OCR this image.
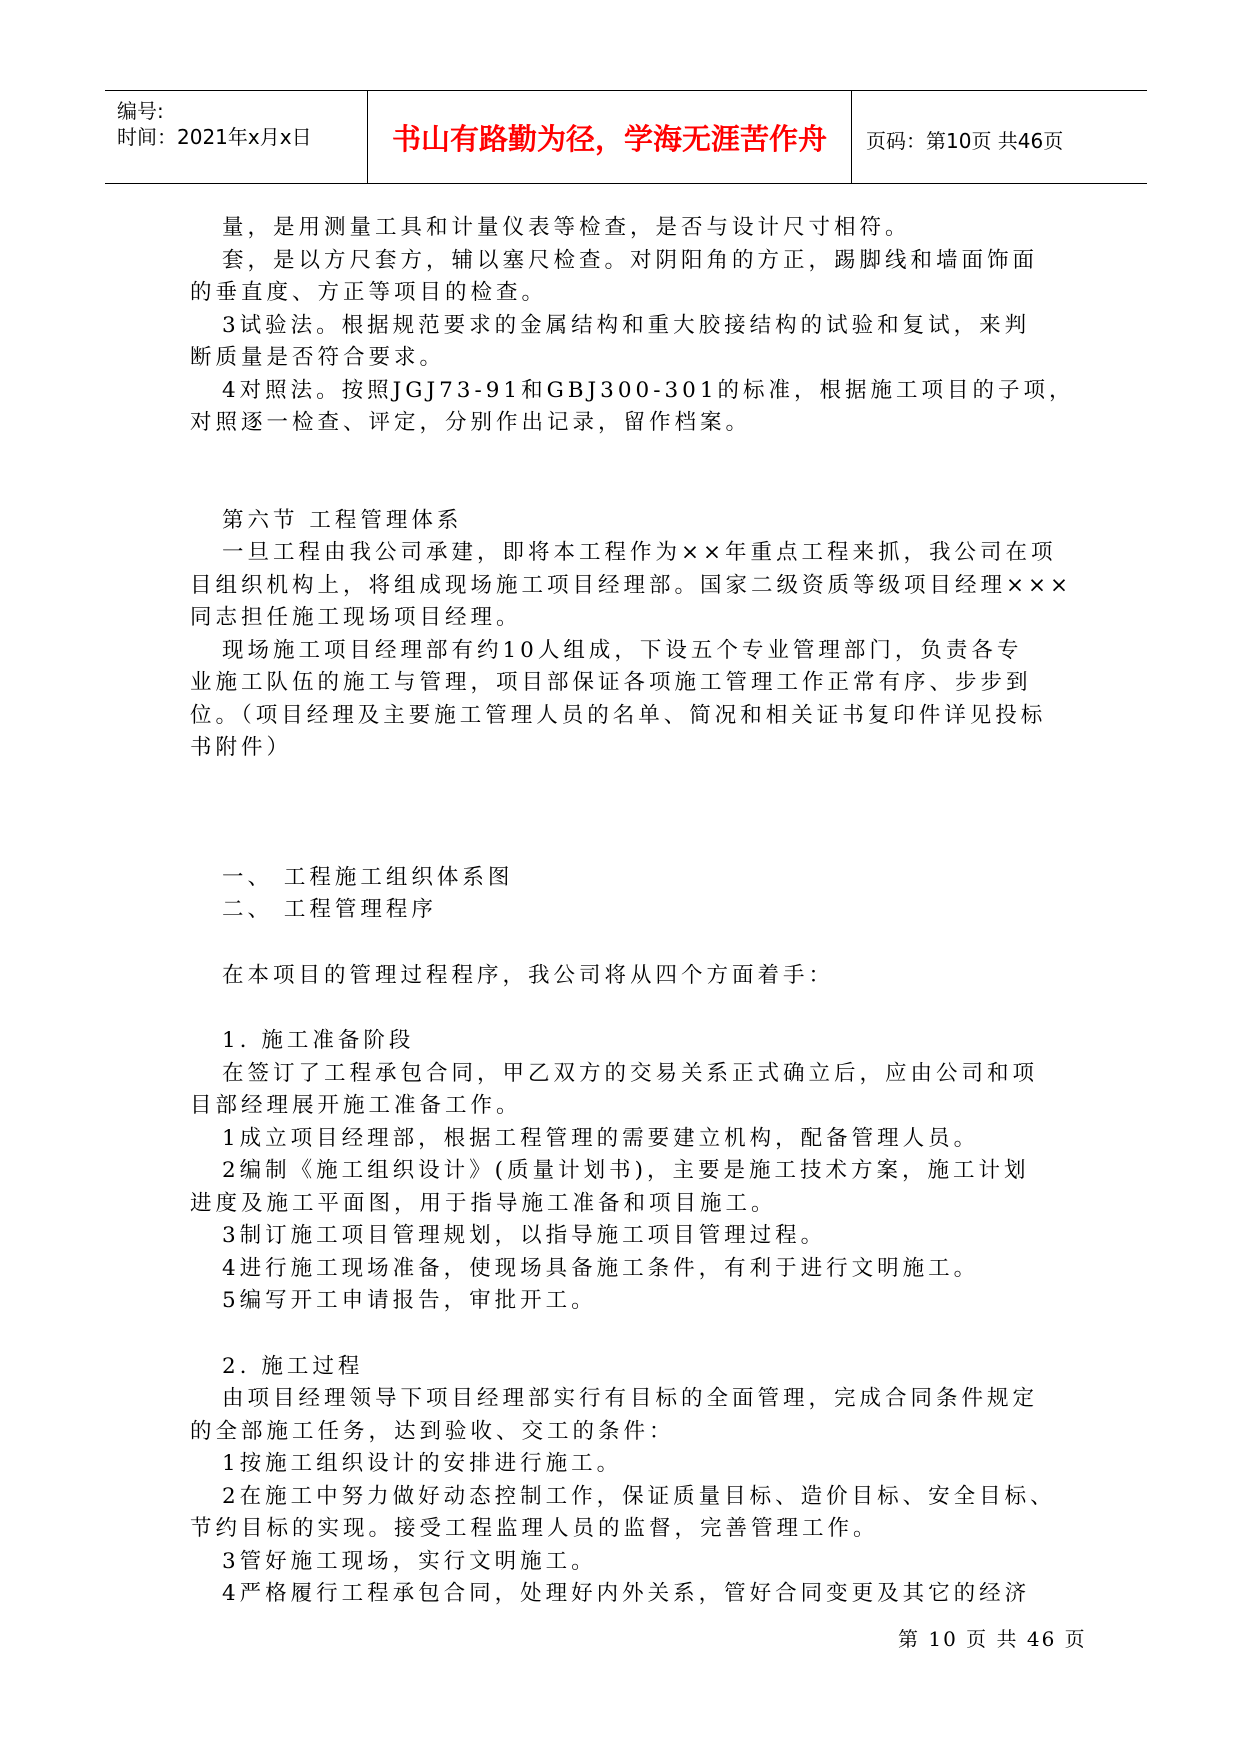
编号:
时间：2021年x月x日	书山有路勤为径，学海无涯苦作舟	页码：第10页 共46页

量，是用测量工具和计量仪表等检查，是否与设计尺寸相符。

套，是以方尺套方，辅以塞尺检查。对阴阳角的方正，踢脚线和墙面饰面

的垂直度、方正等项目的检查。

3试验法。根据规范要求的金属结构和重大胶接结构的试验和复试，来判

断质量是否符合要求。

4对照法。按照JGJ73-91和GBJ300-301的标准，根据施工项目的子项，

对照逐一检查、评定，分别作出记录，留作档案。

第六节 工程管理体系

一旦工程由我公司承建，即将本工程作为××年重点工程来抓，我公司在项

目组织机构上，将组成现场施工项目经理部。国家二级资质等级项目经理×××

同志担任施工现场项目经理。

现场施工项目经理部有约10人组成，下设五个专业管理部门，负责各专

业施工队伍的施工与管理，项目部保证各项施工管理工作正常有序、步步到

位。（项目经理及主要施工管理人员的名单、简况和相关证书复印件详见投标

书附件）

一、 工程施工组织体系图

二、 工程管理程序

在本项目的管理过程程序，我公司将从四个方面着手：

1. 施工准备阶段

在签订了工程承包合同，甲乙双方的交易关系正式确立后，应由公司和项

目部经理展开施工准备工作。

1成立项目经理部，根据工程管理的需要建立机构，配备管理人员。

2编制《施工组织设计》(质量计划书)，主要是施工技术方案，施工计划

进度及施工平面图，用于指导施工准备和项目施工。

3制订施工项目管理规划，以指导施工项目管理过程。

4进行施工现场准备，使现场具备施工条件，有利于进行文明施工。

5编写开工申请报告，审批开工。

2. 施工过程

由项目经理领导下项目经理部实行有目标的全面管理，完成合同条件规定

的全部施工任务，达到验收、交工的条件：

1按施工组织设计的安排进行施工。

2在施工中努力做好动态控制工作，保证质量目标、造价目标、安全目标、

节约目标的实现。接受工程监理人员的监督，完善管理工作。

3管好施工现场，实行文明施工。

4严格履行工程承包合同，处理好内外关系，管好合同变更及其它的经济

第 10 页 共 46 页
